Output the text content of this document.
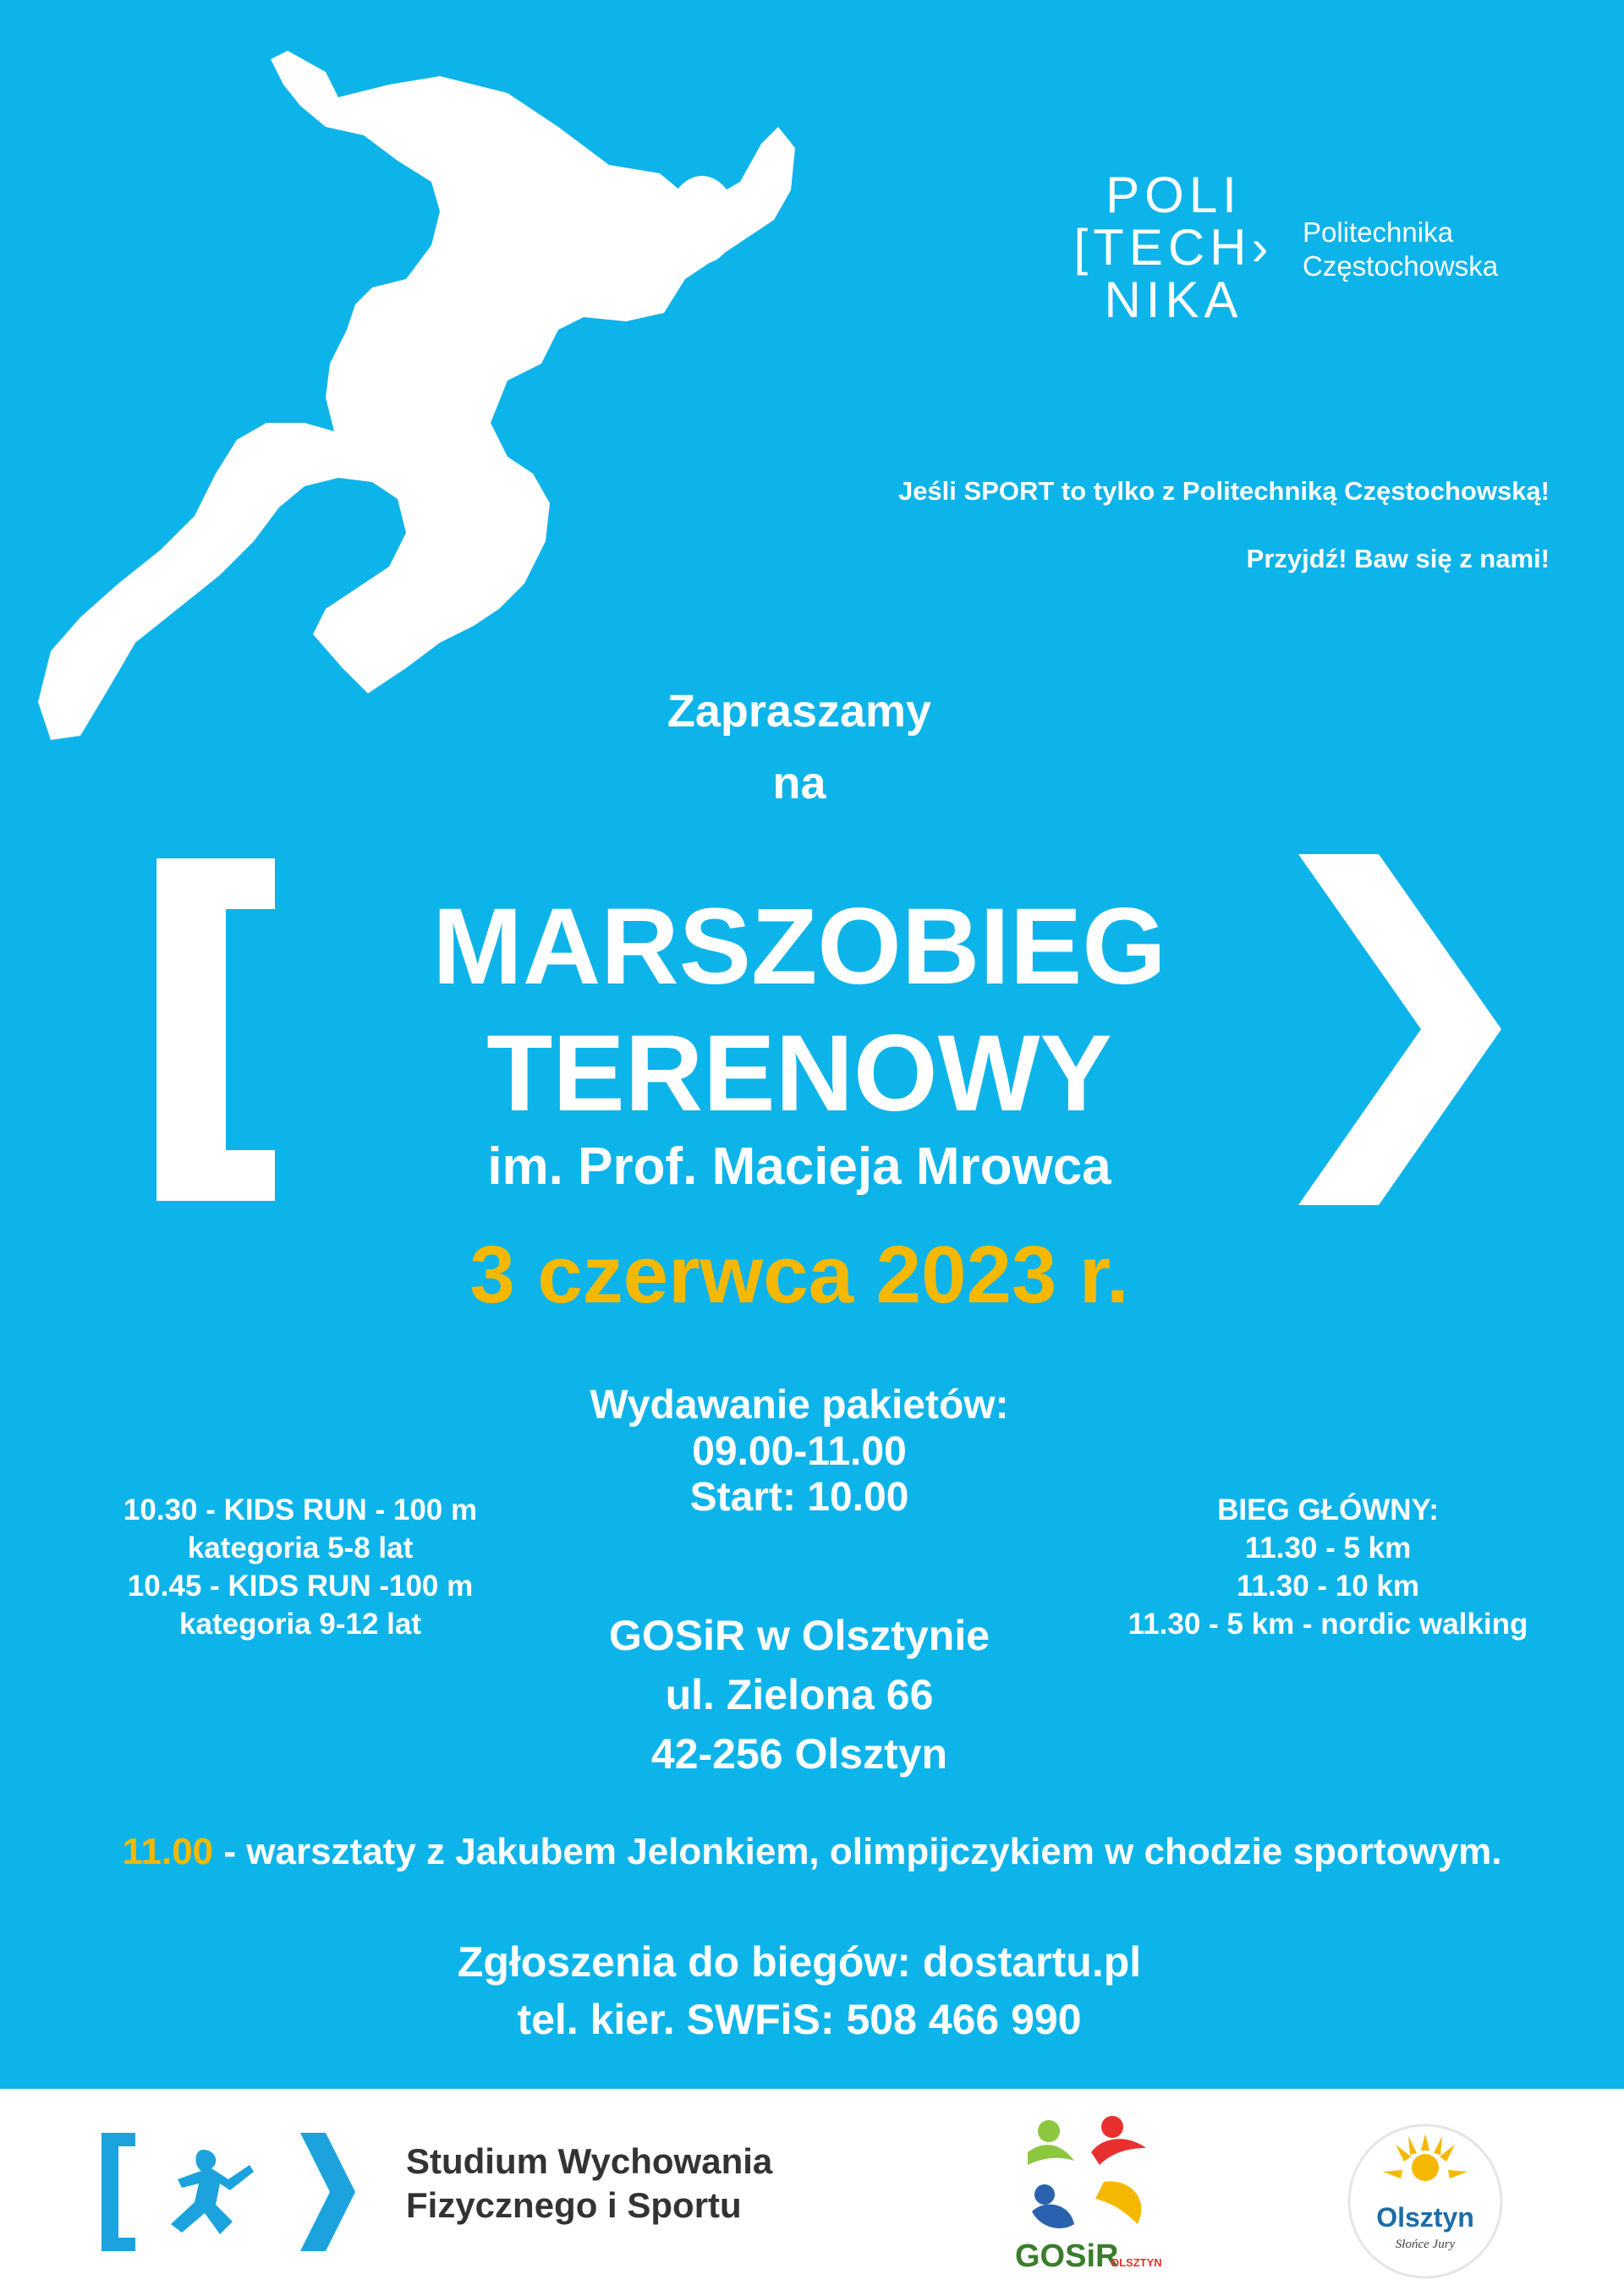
POLI
[TECH›
NIKA
Politechnika
Częstochowska
Jeśli SPORT to tylko z Politechniką Częstochowską!
Przyjdź! Baw się z nami!
Zapraszamy
na
MARSZOBIEG
TERENOWY
im. Prof. Macieja Mrowca
3 czerwca 2023 r.
Wydawanie pakietów:
09.00-11.00
Start: 10.00
10.30 - KIDS RUN - 100 m
kategoria 5-8 lat
10.45 - KIDS RUN -100 m
kategoria 9-12 lat
BIEG GŁÓWNY:
11.30 - 5 km
11.30 - 10 km
11.30 - 5 km - nordic walking
GOSiR w Olsztynie
ul. Zielona 66
42-256 Olsztyn
11.00 - warsztaty z Jakubem Jelonkiem, olimpijczykiem w chodzie sportowym.
Zgłoszenia do biegów: dostartu.pl
tel. kier. SWFiS: 508 466 990
Studium Wychowania
Fizycznego i Sportu
GOSiR
OLSZTYN
Olsztyn
Słońce Jury
